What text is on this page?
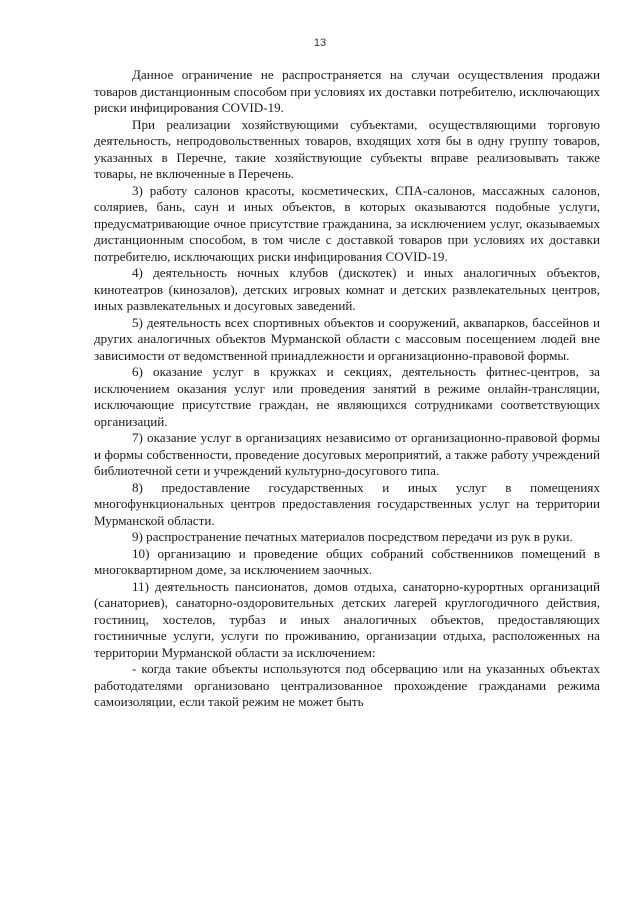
13

Данное ограничение не распространяется на случаи осуществления продажи товаров дистанционным способом при условиях их доставки потребителю, исключающих риски инфицирования COVID-19.

При реализации хозяйствующими субъектами, осуществляющими торговую деятельность, непродовольственных товаров, входящих хотя бы в одну группу товаров, указанных в Перечне, такие хозяйствующие субъекты вправе реализовывать также товары, не включенные в Перечень.

3) работу салонов красоты, косметических, СПА-салонов, массажных салонов, соляриев, бань, саун и иных объектов, в которых оказываются подобные услуги, предусматривающие очное присутствие гражданина, за исключением услуг, оказываемых дистанционным способом, в том числе с доставкой товаров при условиях их доставки потребителю, исключающих риски инфицирования COVID-19.

4) деятельность ночных клубов (дискотек) и иных аналогичных объектов, кинотеатров (кинозалов), детских игровых комнат и детских развлекательных центров, иных развлекательных и досуговых заведений.

5) деятельность всех спортивных объектов и сооружений, аквапарков, бассейнов и других аналогичных объектов Мурманской области с массовым посещением людей вне зависимости от ведомственной принадлежности и организационно-правовой формы.

6) оказание услуг в кружках и секциях, деятельность фитнес-центров, за исключением оказания услуг или проведения занятий в режиме онлайн-трансляции, исключающие присутствие граждан, не являющихся сотрудниками соответствующих организаций.

7) оказание услуг в организациях независимо от организационно-правовой формы и формы собственности, проведение досуговых мероприятий, а также работу учреждений библиотечной сети и учреждений культурно-досугового типа.

8) предоставление государственных и иных услуг в помещениях многофункциональных центров предоставления государственных услуг на территории Мурманской области.

9) распространение печатных материалов посредством передачи из рук в руки.

10) организацию и проведение общих собраний собственников помещений в многоквартирном доме, за исключением заочных.

11) деятельность пансионатов, домов отдыха, санаторно-курортных организаций (санаториев), санаторно-оздоровительных детских лагерей круглогодичного действия, гостиниц, хостелов, турбаз и иных аналогичных объектов, предоставляющих гостиничные услуги, услуги по проживанию, организации отдыха, расположенных на территории Мурманской области за исключением:

- когда такие объекты используются под обсервацию или на указанных объектах работодателями организовано централизованное прохождение гражданами режима самоизоляции, если такой режим не может быть
